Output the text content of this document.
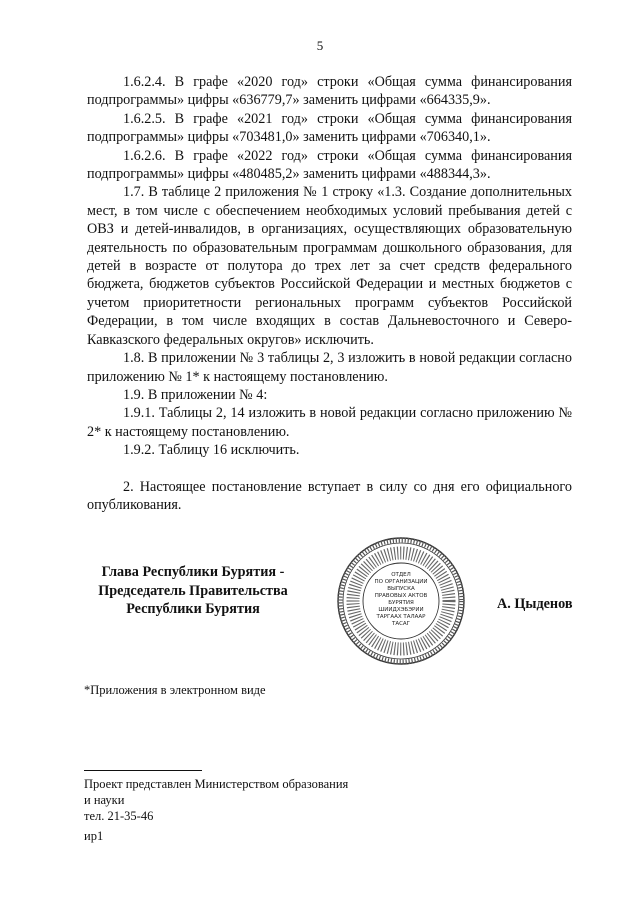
5

1.6.2.4. В графе «2020 год» строки «Общая сумма финансирования подпрограммы» цифры «636779,7» заменить цифрами «664335,9».

1.6.2.5. В графе «2021 год» строки «Общая сумма финансирования подпрограммы» цифры «703481,0» заменить цифрами «706340,1».

1.6.2.6. В графе «2022 год» строки «Общая сумма финансирования подпрограммы» цифры «480485,2» заменить цифрами «488344,3».

1.7. В таблице 2 приложения № 1 строку «1.3. Создание дополнительных мест, в том числе с обеспечением необходимых условий пребывания детей с ОВЗ и детей-инвалидов, в организациях, осуществляющих образовательную деятельность по образовательным программам дошкольного образования, для детей в возрасте от полутора до трех лет за счет средств федерального бюджета, бюджетов субъектов Российской Федерации и местных бюджетов с учетом приоритетности региональных программ субъектов Российской Федерации, в том числе входящих в состав Дальневосточного и Северо-Кавказского федеральных округов» исключить.

1.8. В приложении № 3 таблицы 2, 3 изложить в новой редакции согласно приложению № 1* к настоящему постановлению.

1.9. В приложении № 4:

1.9.1. Таблицы 2, 14 изложить в новой редакции согласно приложению № 2* к настоящему постановлению.

1.9.2. Таблицу 16 исключить.

2. Настоящее постановление вступает в силу со дня его официального опубликования.

Глава Республики Бурятия -
Председатель Правительства
Республики Бурятия
ОТДЕЛ
ПО ОРГАНИЗАЦИИ
ВЫПУСКА
ПРАВОВЫХ АКТОВ
БУРЯТИЯ
ШИИДХЭБЭРИИ
ТАРГААХ ТАЛААР
ТАСАГ
А. Цыденов
*Приложения в электронном виде
Проект представлен Министерством образования
и науки
тел. 21-35-46
ир1
